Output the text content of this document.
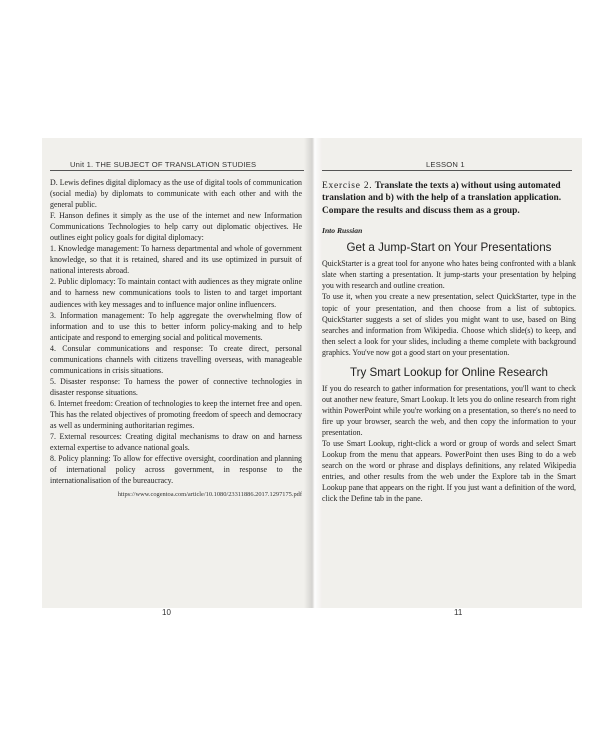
Unit 1. THE SUBJECT OF TRANSLATION STUDIES

D. Lewis defines digital diplomacy as the use of digital tools of communication (social media) by diplomats to communicate with each other and with the general public.

F. Hanson defines it simply as the use of the internet and new Information Communications Technologies to help carry out diplomatic objectives. He outlines eight policy goals for digital diplomacy:

1. Knowledge management: To harness departmental and whole of government knowledge, so that it is retained, shared and its use optimized in pursuit of national interests abroad.

2. Public diplomacy: To maintain contact with audiences as they migrate online and to harness new communications tools to listen to and target important audiences with key messages and to influence major online influencers.

3. Information management: To help aggregate the overwhelming flow of information and to use this to better inform policy-making and to help anticipate and respond to emerging social and political movements.

4. Consular communications and response: To create direct, personal communications channels with citizens travelling overseas, with manageable communications in crisis situations.

5. Disaster response: To harness the power of connective technologies in disaster response situations.

6. Internet freedom: Creation of technologies to keep the internet free and open. This has the related objectives of promoting freedom of speech and democracy as well as undermining authoritarian regimes.

7. External resources: Creating digital mechanisms to draw on and harness external expertise to advance national goals.

8. Policy planning: To allow for effective oversight, coordination and planning of international policy across government, in response to the internationalisation of the bureaucracy.

https://www.cogentoa.com/article/10.1080/23311886.2017.1297175.pdf
10
LESSON 1
Exercise 2. Translate the texts a) without using automated translation and b) with the help of a translation application. Compare the results and discuss them as a group.
Into Russian
Get a Jump-Start on Your Presentations

QuickStarter is a great tool for anyone who hates being confronted with a blank slate when starting a presentation. It jump-starts your presentation by helping you with research and outline creation.

To use it, when you create a new presentation, select QuickStarter, type in the topic of your presentation, and then choose from a list of subtopics. QuickStarter suggests a set of slides you might want to use, based on Bing searches and information from Wikipedia. Choose which slide(s) to keep, and then select a look for your slides, including a theme complete with background graphics. You've now got a good start on your presentation.

Try Smart Lookup for Online Research

If you do research to gather information for presentations, you'll want to check out another new feature, Smart Lookup. It lets you do online research from right within PowerPoint while you're working on a presentation, so there's no need to fire up your browser, search the web, and then copy the information to your presentation.

To use Smart Lookup, right-click a word or group of words and select Smart Lookup from the menu that appears. PowerPoint then uses Bing to do a web search on the word or phrase and displays definitions, any related Wikipedia entries, and other results from the web under the Explore tab in the Smart Lookup pane that appears on the right. If you just want a definition of the word, click the Define tab in the pane.

11
